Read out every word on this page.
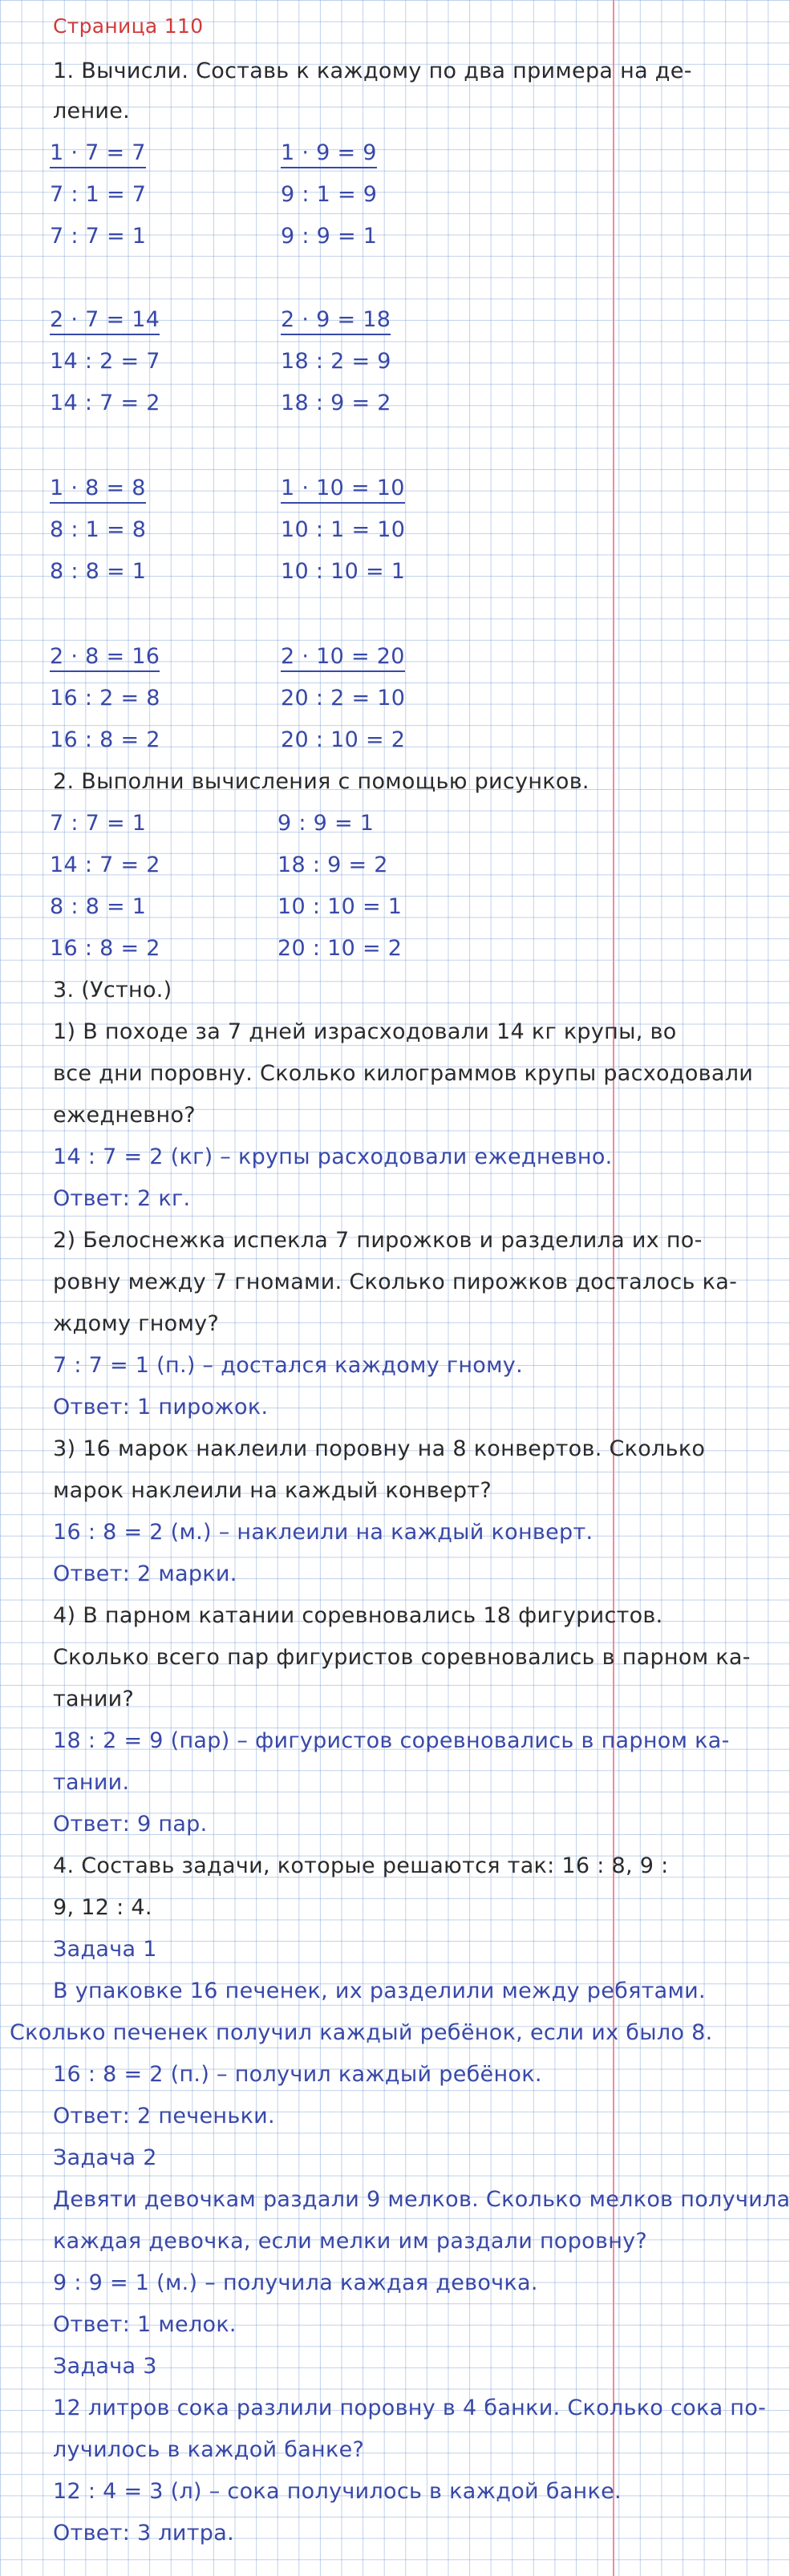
Страница 110
1. Вычисли. Составь к каждому по два примера на де-
ление.
1 · 7 = 7
7 : 1 = 7
7 : 7 = 1
1 · 9 = 9
9 : 1 = 9
9 : 9 = 1
2 · 7 = 14
14 : 2 = 7
14 : 7 = 2
2 · 9 = 18
18 : 2 = 9
18 : 9 = 2
1 · 8 = 8
8 : 1 = 8
8 : 8 = 1
1 · 10 = 10
10 : 1 = 10
10 : 10 = 1
2 · 8 = 16
16 : 2 = 8
16 : 8 = 2
2 · 10 = 20
20 : 2 = 10
20 : 10 = 2
2. Выполни вычисления с помощью рисунков.
7 : 7 = 1
14 : 7 = 2
8 : 8 = 1
16 : 8 = 2
9 : 9 = 1
18 : 9 = 2
10 : 10 = 1
20 : 10 = 2
3. (Устно.)
1) В походе за 7 дней израсходовали 14 кг крупы, во
все дни поровну. Сколько килограммов крупы расходовали
ежедневно?
14 : 7 = 2 (кг) – крупы расходовали ежедневно.
Ответ: 2 кг.
2) Белоснежка испекла 7 пирожков и разделила их по-
ровну между 7 гномами. Сколько пирожков досталось ка-
ждому гному?
7 : 7 = 1 (п.) – достался каждому гному.
Ответ: 1 пирожок.
3) 16 марок наклеили поровну на 8 конвертов. Сколько
марок наклеили на каждый конверт?
16 : 8 = 2 (м.) – наклеили на каждый конверт.
Ответ: 2 марки.
4) В парном катании соревновались 18 фигуристов.
Сколько всего пар фигуристов соревновались в парном ка-
тании?
18 : 2 = 9 (пар) – фигуристов соревновались в парном ка-
тании.
Ответ: 9 пар.
4. Составь задачи, которые решаются так: 16 : 8, 9 :
9, 12 : 4.
Задача 1
В упаковке 16 печенек, их разделили между ребятами.
Сколько печенек получил каждый ребёнок, если их было 8.
16 : 8 = 2 (п.) – получил каждый ребёнок.
Ответ: 2 печеньки.
Задача 2
Девяти девочкам раздали 9 мелков. Сколько мелков получила
каждая девочка, если мелки им раздали поровну?
9 : 9 = 1 (м.) – получила каждая девочка.
Ответ: 1 мелок.
Задача 3
12 литров сока разлили поровну в 4 банки. Сколько сока по-
лучилось в каждой банке?
12 : 4 = 3 (л) – сока получилось в каждой банке.
Ответ: 3 литра.
